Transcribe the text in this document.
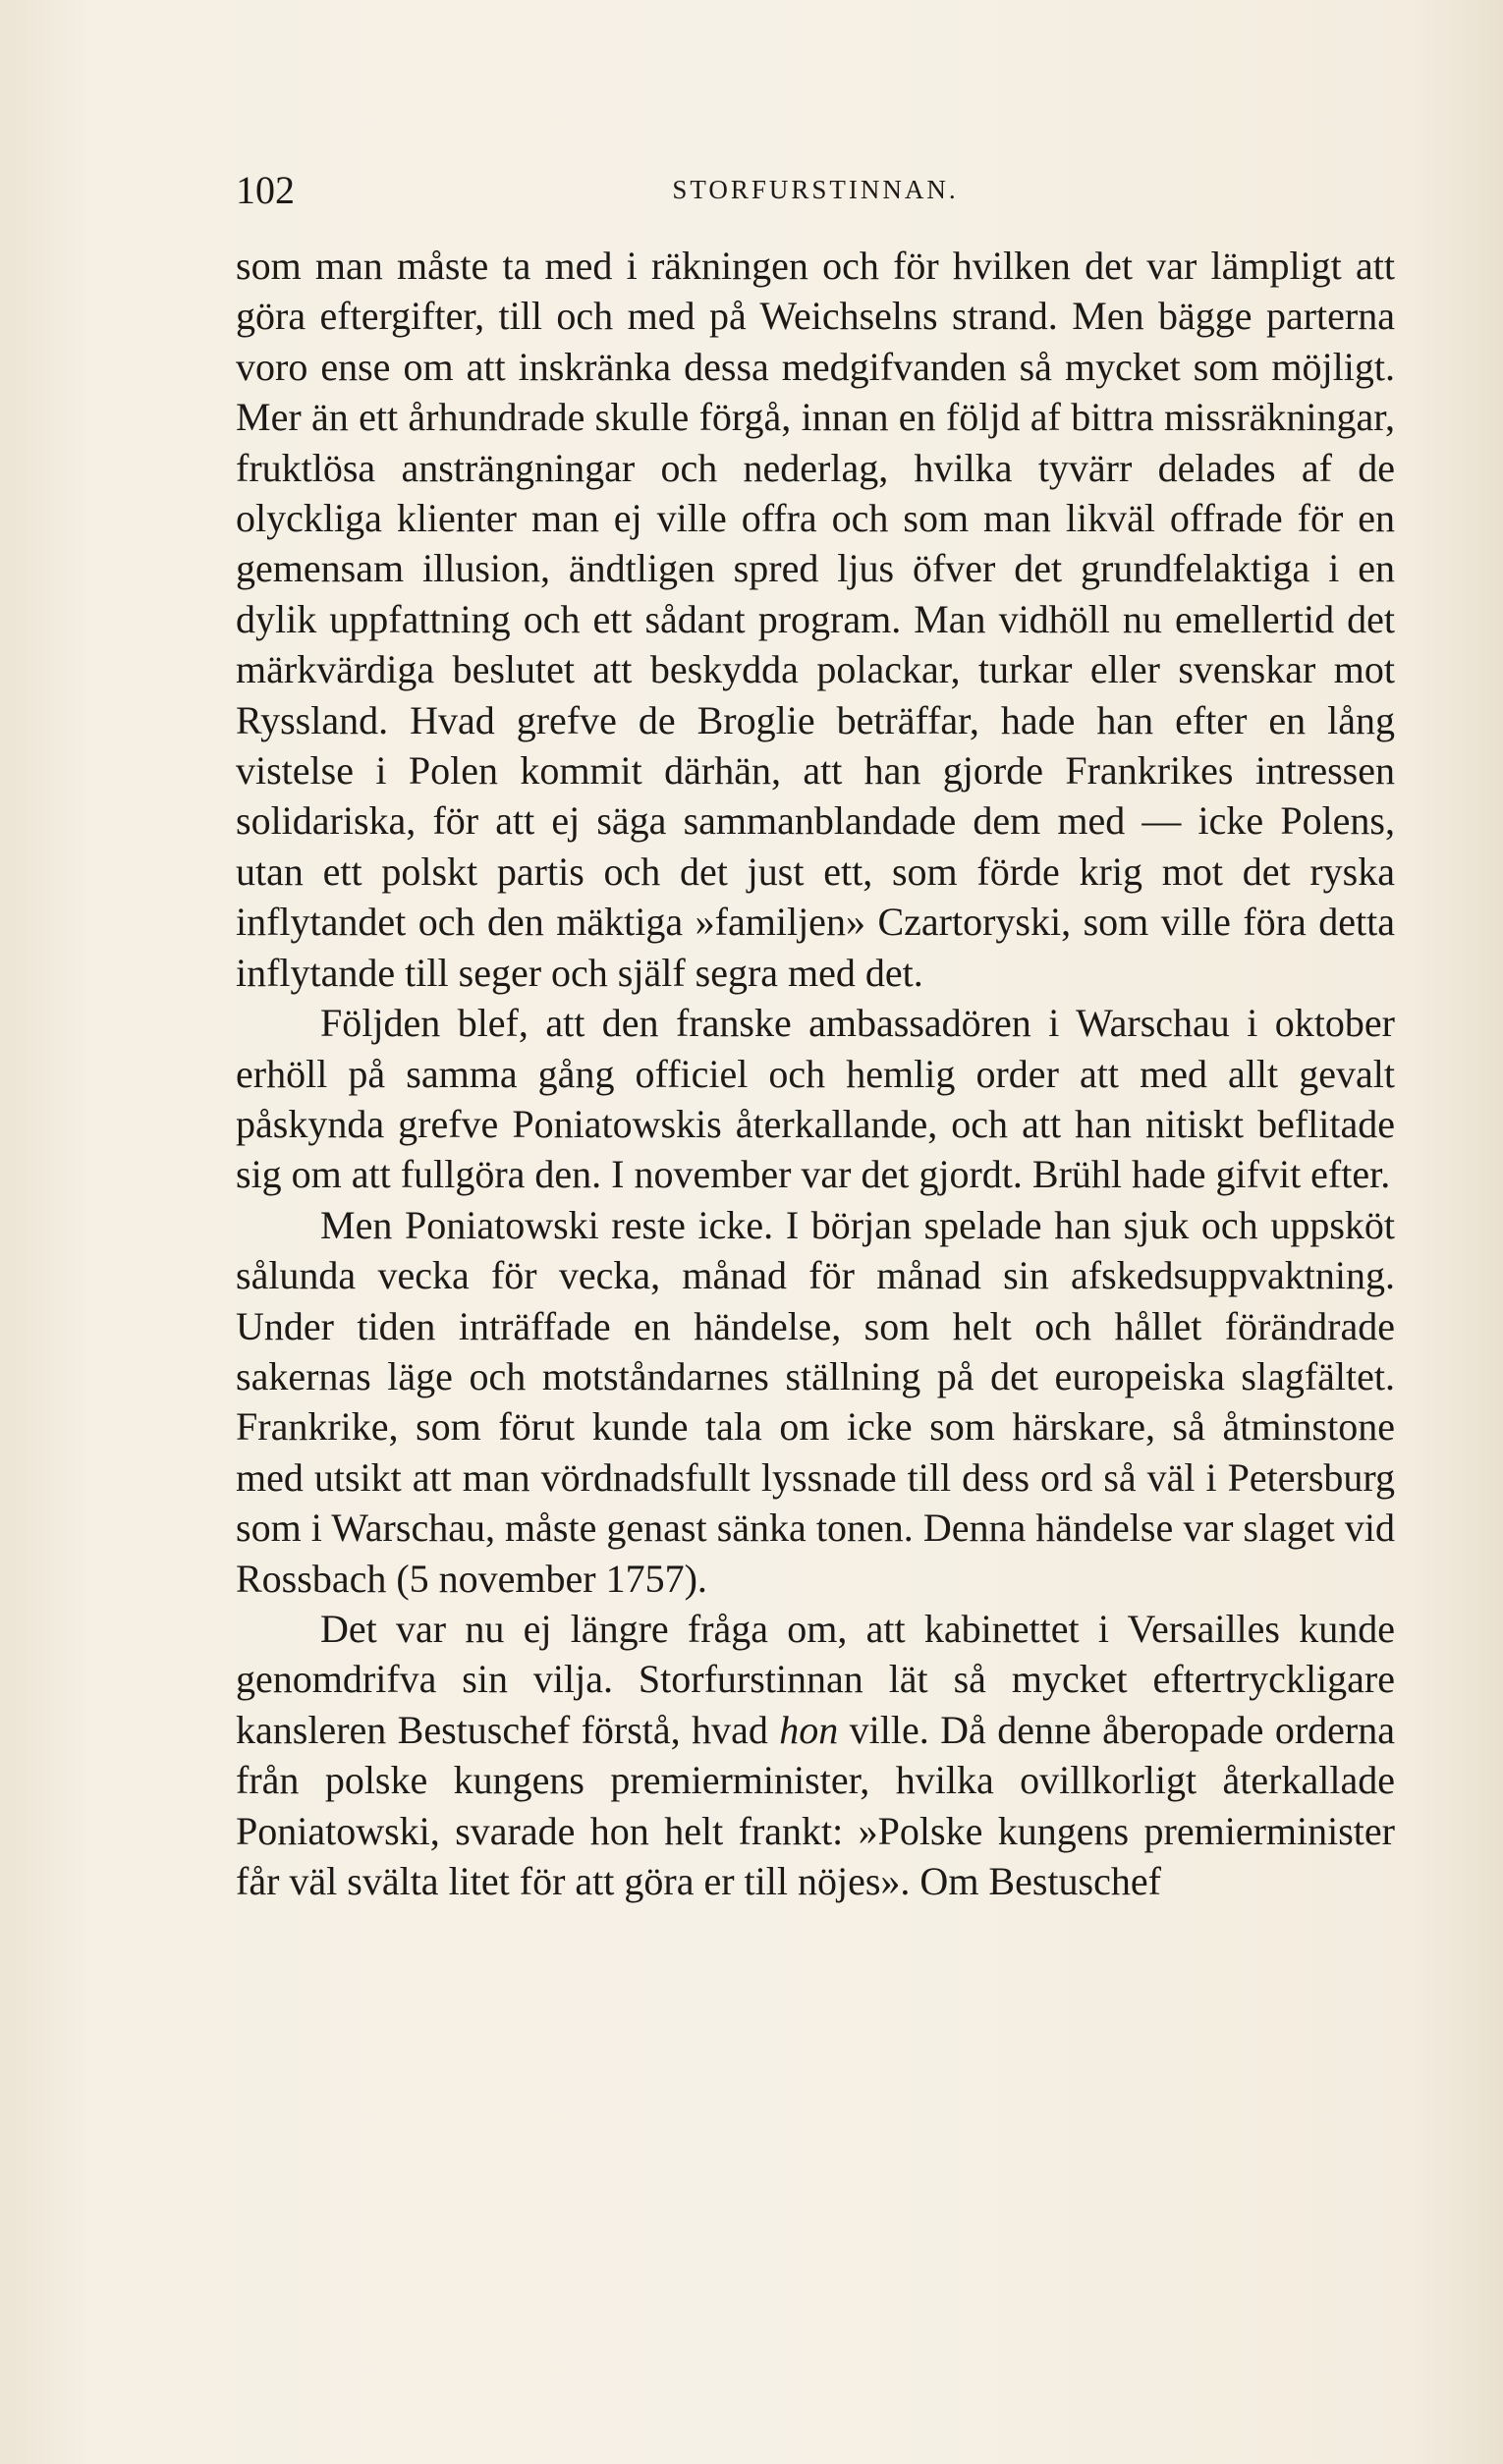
102	STORFURSTINNAN.

som man måste ta med i räkningen och för hvilken det var lämpligt att göra eftergifter, till och med på Weichselns strand. Men bägge parterna voro ense om att inskränka dessa medgifvanden så mycket som möjligt. Mer än ett århundrade skulle förgå, innan en följd af bittra missräkningar, fruktlösa ansträngningar och nederlag, hvilka tyvärr delades af de olyckliga klienter man ej ville offra och som man likväl offrade för en gemensam illusion, ändtligen spred ljus öfver det grundfelaktiga i en dylik uppfattning och ett sådant program. Man vidhöll nu emellertid det märkvärdiga beslutet att beskydda polackar, turkar eller svenskar mot Ryssland. Hvad grefve de Broglie beträffar, hade han efter en lång vistelse i Polen kommit därhän, att han gjorde Frankrikes intressen solidariska, för att ej säga sammanblandade dem med — icke Polens, utan ett polskt partis och det just ett, som förde krig mot det ryska inflytandet och den mäktiga »familjen» Czartoryski, som ville föra detta inflytande till seger och själf segra med det.

Följden blef, att den franske ambassadören i Warschau i oktober erhöll på samma gång officiel och hemlig order att med allt gevalt påskynda grefve Poniatowskis återkallande, och att han nitiskt beflitade sig om att fullgöra den. I november var det gjordt. Brühl hade gifvit efter.

Men Poniatowski reste icke. I början spelade han sjuk och uppsköt sålunda vecka för vecka, månad för månad sin afskedsuppvaktning. Under tiden inträffade en händelse, som helt och hållet förändrade sakernas läge och motståndarnes ställning på det europeiska slagfältet. Frankrike, som förut kunde tala om icke som härskare, så åtminstone med utsikt att man vördnadsfullt lyssnade till dess ord så väl i Petersburg som i Warschau, måste genast sänka tonen. Denna händelse var slaget vid Rossbach (5 november 1757).

Det var nu ej längre fråga om, att kabinettet i Versailles kunde genomdrifva sin vilja. Storfurstinnan lät så mycket eftertryckligare kansleren Bestuschef förstå, hvad hon ville. Då denne åberopade orderna från polske kungens premierminister, hvilka ovillkorligt återkallade Poniatowski, svarade hon helt frankt: »Polske kungens premierminister får väl svälta litet för att göra er till nöjes». Om Bestuschef
